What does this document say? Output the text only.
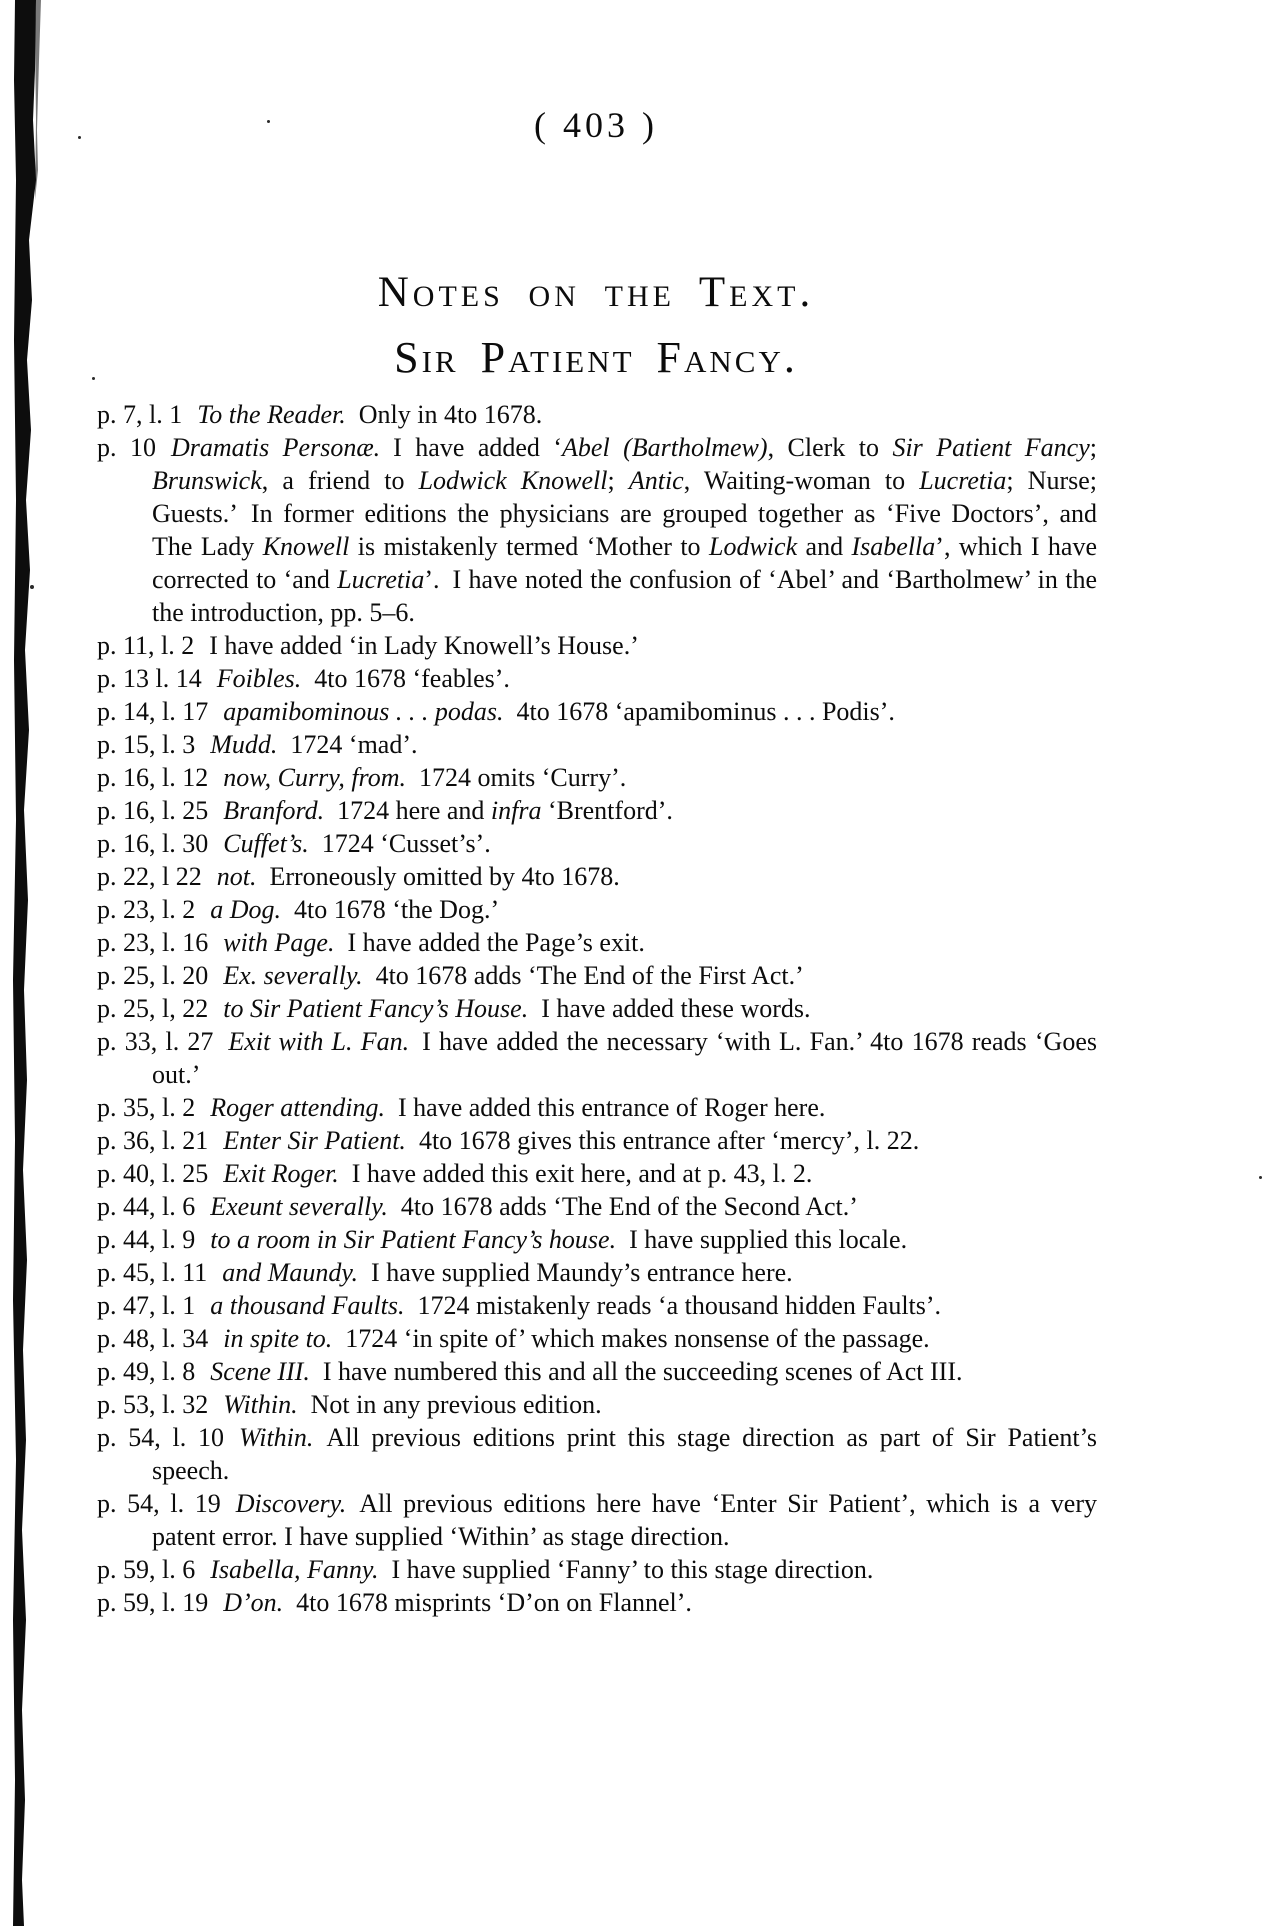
( 403 )
Notes on the Text.
Sir Patient Fancy.

p. 7, l. 1 To the Reader. Only in 4to 1678.

p. 10 Dramatis Personæ. I have added ‘Abel (Bartholmew), Clerk to Sir Patient Fancy; Brunswick, a friend to Lodwick Knowell; Antic, Waiting-woman to Lucretia; Nurse; Guests.’ In former editions the physicians are grouped together as ‘Five Doctors’, and The Lady Knowell is mistakenly termed ‘Mother to Lodwick and Isabella’, which I have corrected to ‘and Lucretia’. I have noted the confusion of ‘Abel’ and ‘Bartholmew’ in the the introduction, pp. 5–6.

p. 11, l. 2 I have added ‘in Lady Knowell’s House.’

p. 13 l. 14 Foibles. 4to 1678 ‘feables’.

p. 14, l. 17 apamibominous . . . podas. 4to 1678 ‘apamibominus . . . Podis’.

p. 15, l. 3 Mudd. 1724 ‘mad’.

p. 16, l. 12 now, Curry, from. 1724 omits ‘Curry’.

p. 16, l. 25 Branford. 1724 here and infra ‘Brentford’.

p. 16, l. 30 Cuffet’s. 1724 ‘Cusset’s’.

p. 22, l 22 not. Erroneously omitted by 4to 1678.

p. 23, l. 2 a Dog. 4to 1678 ‘the Dog.’

p. 23, l. 16 with Page. I have added the Page’s exit.

p. 25, l. 20 Ex. severally. 4to 1678 adds ‘The End of the First Act.’

p. 25, l, 22 to Sir Patient Fancy’s House. I have added these words.

p. 33, l. 27 Exit with L. Fan. I have added the necessary ‘with L. Fan.’ 4to 1678 reads ‘Goes out.’

p. 35, l. 2 Roger attending. I have added this entrance of Roger here.

p. 36, l. 21 Enter Sir Patient. 4to 1678 gives this entrance after ‘mercy’, l. 22.

p. 40, l. 25 Exit Roger. I have added this exit here, and at p. 43, l. 2.

p. 44, l. 6 Exeunt severally. 4to 1678 adds ‘The End of the Second Act.’

p. 44, l. 9 to a room in Sir Patient Fancy’s house. I have supplied this locale.

p. 45, l. 11 and Maundy. I have supplied Maundy’s entrance here.

p. 47, l. 1 a thousand Faults. 1724 mistakenly reads ‘a thousand hidden Faults’.

p. 48, l. 34 in spite to. 1724 ‘in spite of’ which makes nonsense of the passage.

p. 49, l. 8 Scene III. I have numbered this and all the succeeding scenes of Act III.

p. 53, l. 32 Within. Not in any previous edition.

p. 54, l. 10 Within. All previous editions print this stage direction as part of Sir Patient’s speech.

p. 54, l. 19 Discovery. All previous editions here have ‘Enter Sir Patient’, which is a very patent error. I have supplied ‘Within’ as stage direction.

p. 59, l. 6 Isabella, Fanny. I have supplied ‘Fanny’ to this stage direction.

p. 59, l. 19 D’on. 4to 1678 misprints ‘D’on on Flannel’.
